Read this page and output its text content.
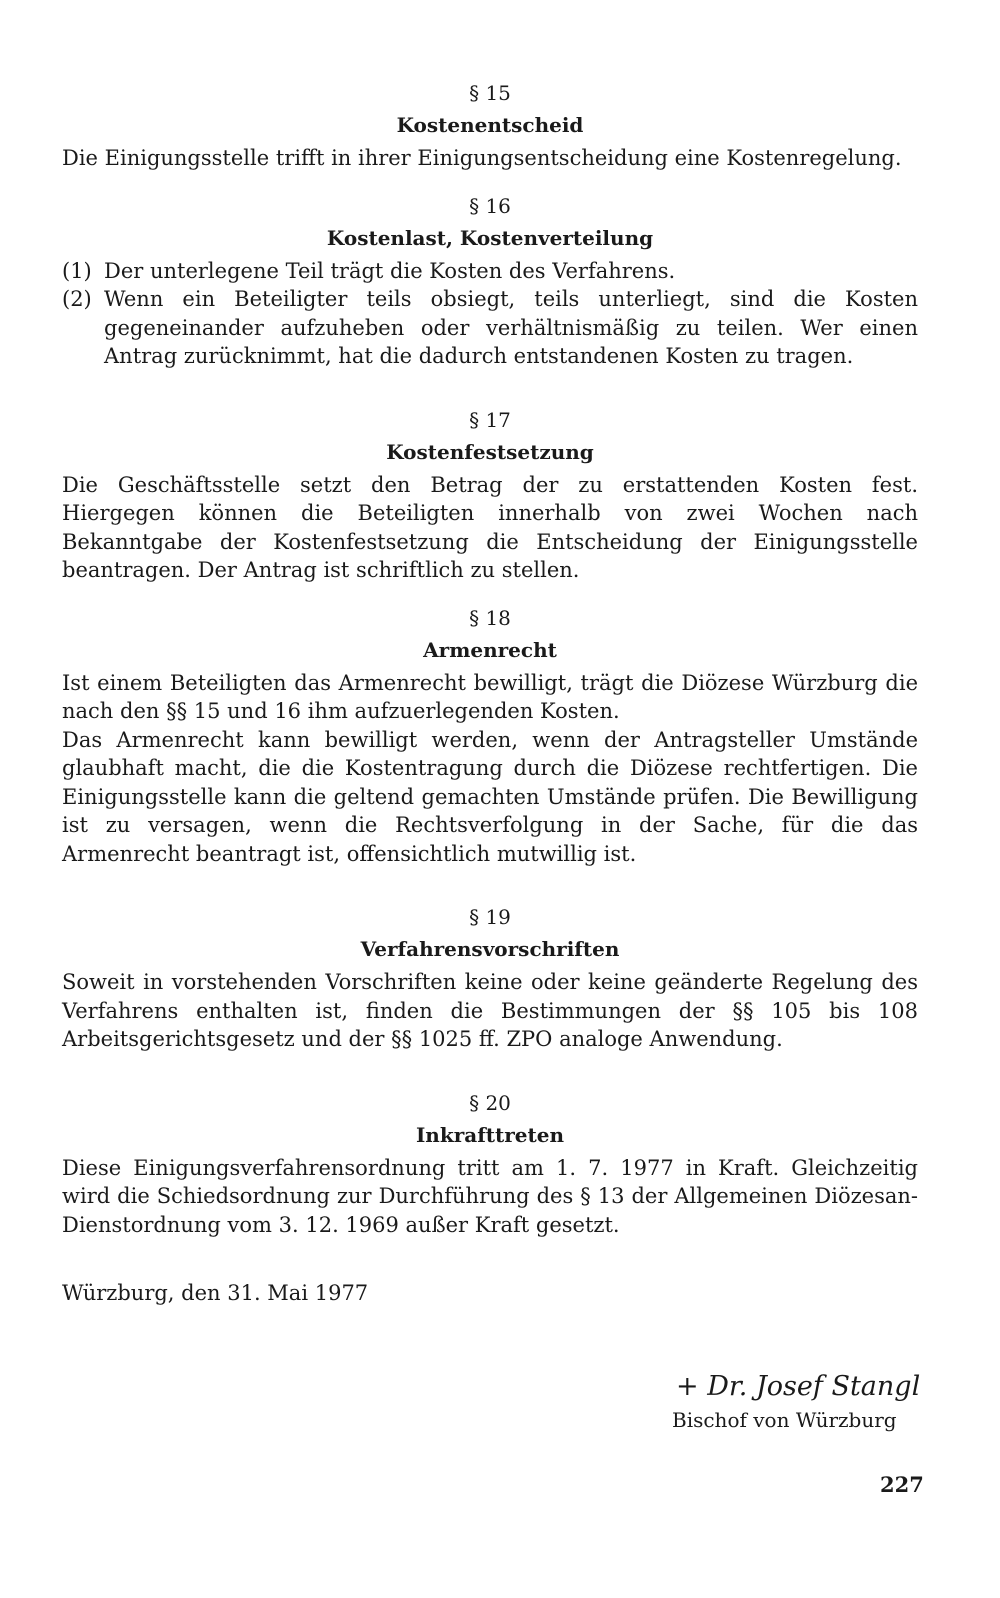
§ 15

Kostenentscheid

Die Einigungsstelle trifft in ihrer Einigungsentscheidung eine Kostenregelung.

§ 16

Kostenlast, Kostenverteilung

(1) Der unterlegene Teil trägt die Kosten des Verfahrens.
(2) Wenn ein Beteiligter teils obsiegt, teils unterliegt, sind die Kosten gegeneinander aufzuheben oder verhältnismäßig zu teilen. Wer einen Antrag zurücknimmt, hat die dadurch entstandenen Kosten zu tragen.

§ 17

Kostenfestsetzung

Die Geschäftsstelle setzt den Betrag der zu erstattenden Kosten fest. Hiergegen können die Beteiligten innerhalb von zwei Wochen nach Bekanntgabe der Kostenfestsetzung die Entscheidung der Einigungsstelle beantragen. Der Antrag ist schriftlich zu stellen.

§ 18

Armenrecht

Ist einem Beteiligten das Armenrecht bewilligt, trägt die Diözese Würzburg die nach den §§ 15 und 16 ihm aufzuerlegenden Kosten.

Das Armenrecht kann bewilligt werden, wenn der Antragsteller Umstände glaubhaft macht, die die Kostentragung durch die Diözese rechtfertigen. Die Einigungsstelle kann die geltend gemachten Umstände prüfen. Die Bewilligung ist zu versagen, wenn die Rechtsverfolgung in der Sache, für die das Armenrecht beantragt ist, offensichtlich mutwillig ist.

§ 19

Verfahrensvorschriften

Soweit in vorstehenden Vorschriften keine oder keine geänderte Regelung des Verfahrens enthalten ist, finden die Bestimmungen der §§ 105 bis 108 Arbeitsgerichtsgesetz und der §§ 1025 ff. ZPO analoge Anwendung.

§ 20

Inkrafttreten

Diese Einigungsverfahrensordnung tritt am 1. 7. 1977 in Kraft. Gleichzeitig wird die Schiedsordnung zur Durchführung des § 13 der Allgemeinen Diözesan-Dienstordnung vom 3. 12. 1969 außer Kraft gesetzt.

Würzburg, den 31. Mai 1977

+ Dr. Josef Stangl
Bischof von Würzburg
227
